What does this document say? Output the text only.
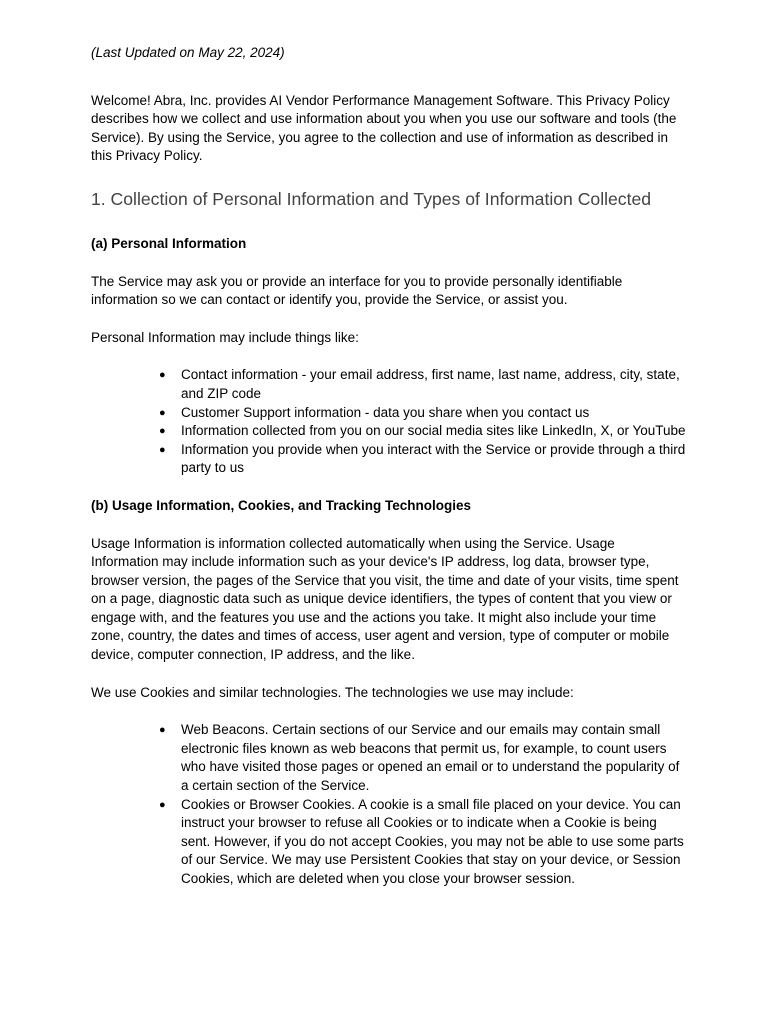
(Last Updated on May 22, 2024)

Welcome! Abra, Inc. provides AI Vendor Performance Management Software. This Privacy Policy describes how we collect and use information about you when you use our software and tools (the Service). By using the Service, you agree to the collection and use of information as described in this Privacy Policy.

1. Collection of Personal Information and Types of Information Collected
(a) Personal Information

The Service may ask you or provide an interface for you to provide personally identifiable information so we can contact or identify you, provide the Service, or assist you.

Personal Information may include things like:

● Contact information - your email address, first name, last name, address, city, state, and ZIP code
● Customer Support information - data you share when you contact us
● Information collected from you on our social media sites like LinkedIn, X, or YouTube
● Information you provide when you interact with the Service or provide through a third party to us
(b) Usage Information, Cookies, and Tracking Technologies

Usage Information is information collected automatically when using the Service. Usage Information may include information such as your device's IP address, log data, browser type, browser version, the pages of the Service that you visit, the time and date of your visits, time spent on a page, diagnostic data such as unique device identifiers, the types of content that you view or engage with, and the features you use and the actions you take. It might also include your time zone, country, the dates and times of access, user agent and version, type of computer or mobile device, computer connection, IP address, and the like.

We use Cookies and similar technologies. The technologies we use may include:

● Web Beacons. Certain sections of our Service and our emails may contain small electronic files known as web beacons that permit us, for example, to count users who have visited those pages or opened an email or to understand the popularity of a certain section of the Service.
● Cookies or Browser Cookies. A cookie is a small file placed on your device. You can instruct your browser to refuse all Cookies or to indicate when a Cookie is being sent. However, if you do not accept Cookies, you may not be able to use some parts of our Service. We may use Persistent Cookies that stay on your device, or Session Cookies, which are deleted when you close your browser session.
